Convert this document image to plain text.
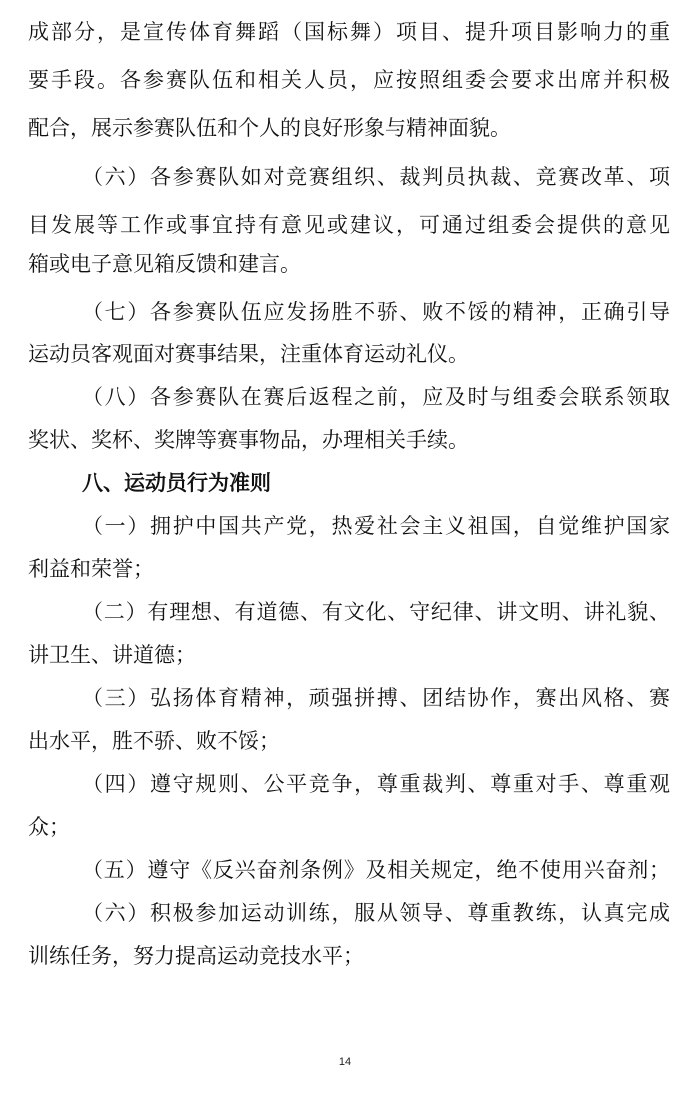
成部分，是宣传体育舞蹈（国标舞）项目、提升项目影响力的重
要手段。各参赛队伍和相关人员，应按照组委会要求出席并积极
配合，展示参赛队伍和个人的良好形象与精神面貌。
（六）各参赛队如对竞赛组织、裁判员执裁、竞赛改革、项
目发展等工作或事宜持有意见或建议，可通过组委会提供的意见
箱或电子意见箱反馈和建言。
（七）各参赛队伍应发扬胜不骄、败不馁的精神，正确引导
运动员客观面对赛事结果，注重体育运动礼仪。
（八）各参赛队在赛后返程之前，应及时与组委会联系领取
奖状、奖杯、奖牌等赛事物品，办理相关手续。
八、运动员行为准则
（一）拥护中国共产党，热爱社会主义祖国，自觉维护国家
利益和荣誉；
（二）有理想、有道德、有文化、守纪律、讲文明、讲礼貌、
讲卫生、讲道德；
（三）弘扬体育精神，顽强拼搏、团结协作，赛出风格、赛
出水平，胜不骄、败不馁；
（四）遵守规则、公平竞争，尊重裁判、尊重对手、尊重观
众；
（五）遵守《反兴奋剂条例》及相关规定，绝不使用兴奋剂；
（六）积极参加运动训练，服从领导、尊重教练，认真完成
训练任务，努力提高运动竞技水平；
14
